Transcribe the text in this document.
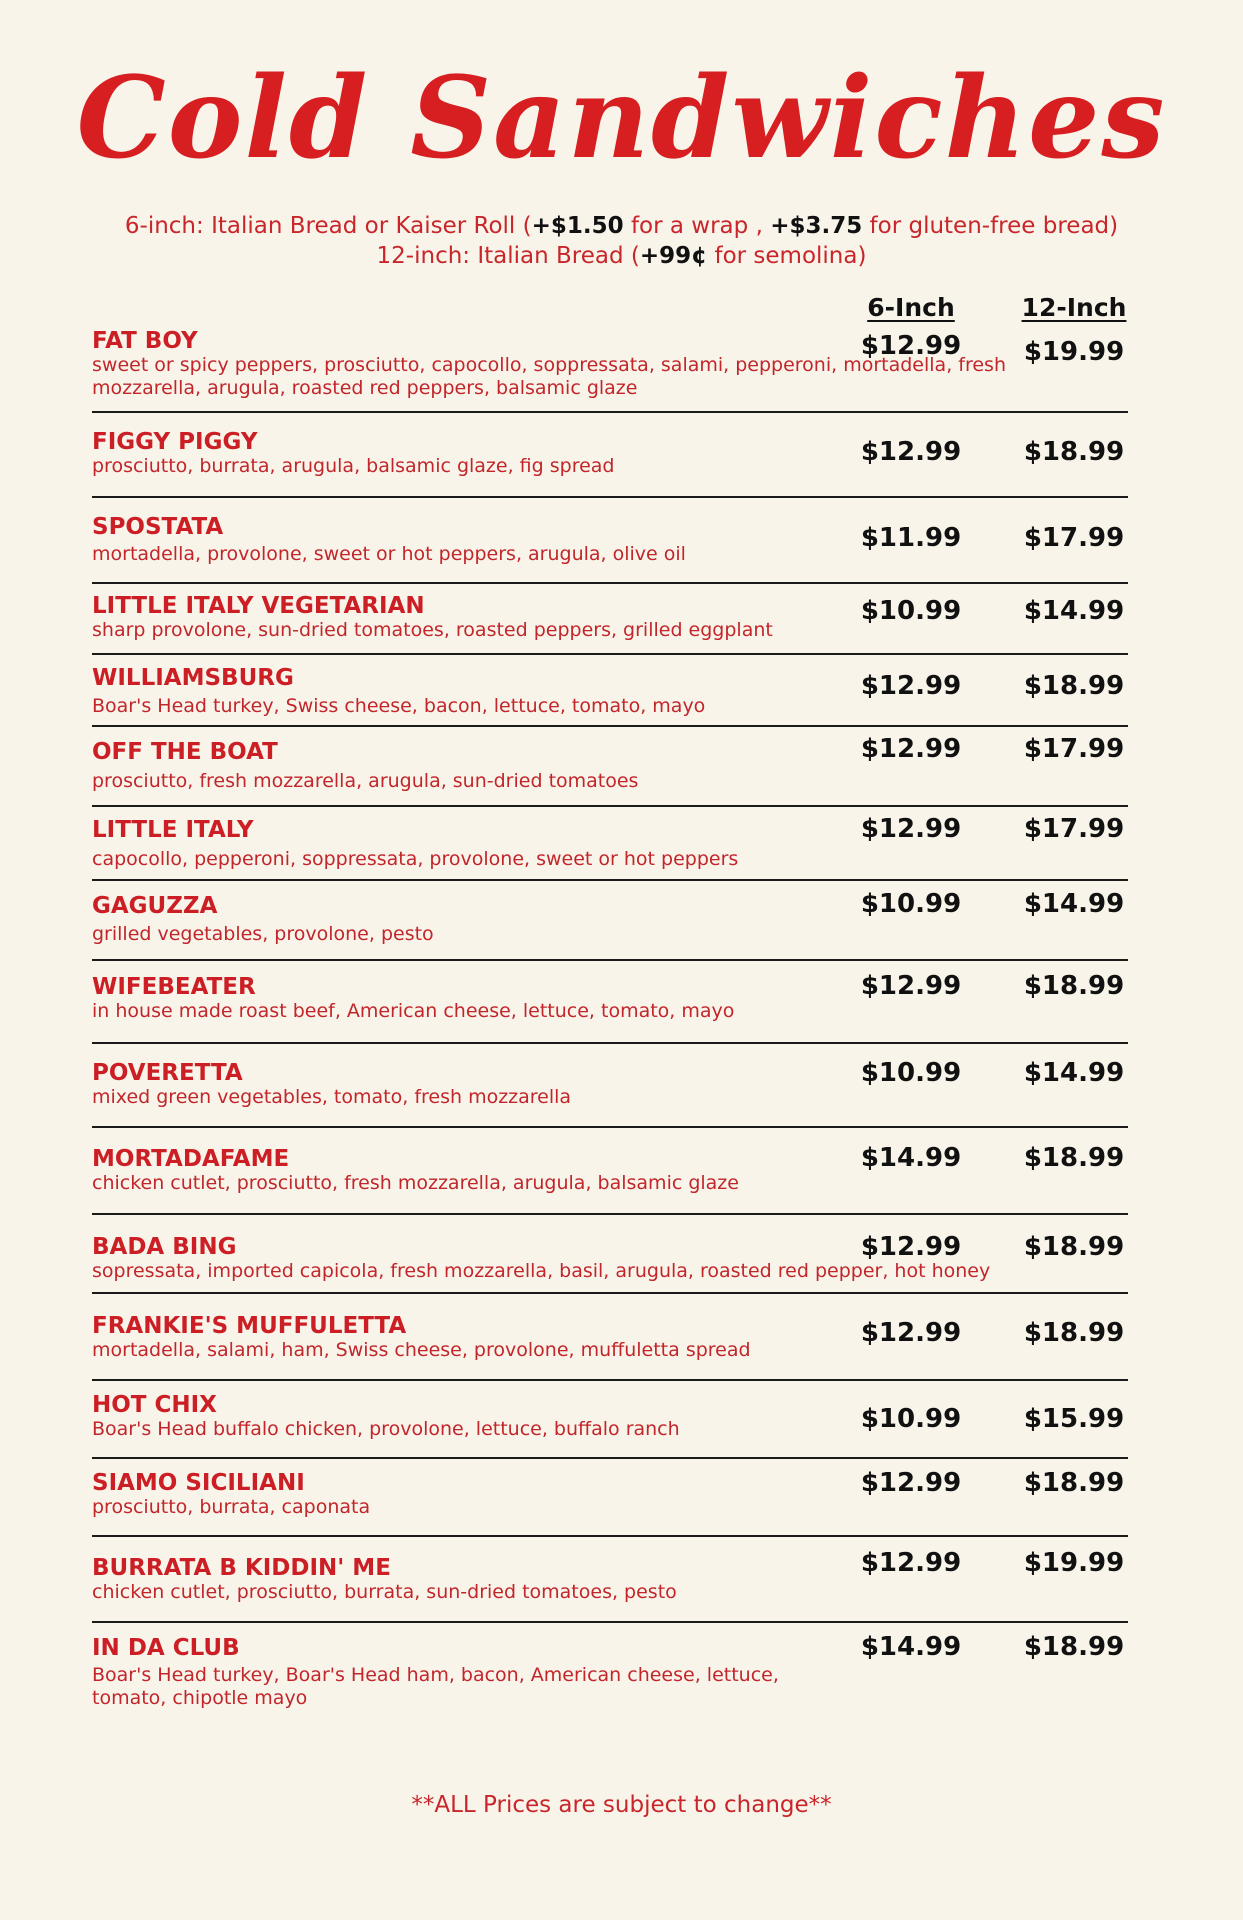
Cold Sandwiches
6-inch: Italian Bread or Kaiser Roll (+$1.50 for a wrap , +$3.75 for gluten-free bread)
12-inch: Italian Bread (+99¢ for semolina)
6-Inch	12-Inch
FAT BOY
sweet or spicy peppers, prosciutto, capocollo, soppressata, salami, pepperoni, mortadella, fresh mozzarella, arugula, roasted red peppers, balsamic glaze
$12.99	$19.99
FIGGY PIGGY
prosciutto, burrata, arugula, balsamic glaze, fig spread	$12.99	$18.99
SPOSTATA
mortadella, provolone, sweet or hot peppers, arugula, olive oil
$11.99	$17.99
LITTLE ITALY VEGETARIAN
sharp provolone, sun-dried tomatoes, roasted peppers, grilled eggplant
$10.99	$14.99
WILLIAMSBURG
Boar's Head turkey, Swiss cheese, bacon, lettuce, tomato, mayo
$12.99	$18.99
OFF THE BOAT
prosciutto, fresh mozzarella, arugula, sun-dried tomatoes
$12.99	$17.99
LITTLE ITALY
capocollo, pepperoni, soppressata, provolone, sweet or hot peppers
$12.99	$17.99
GAGUZZA
grilled vegetables, provolone, pesto
$10.99	$14.99
WIFEBEATER
in house made roast beef, American cheese, lettuce, tomato, mayo
$12.99	$18.99
POVERETTA
mixed green vegetables, tomato, fresh mozzarella
$10.99	$14.99
MORTADAFAME
chicken cutlet, prosciutto, fresh mozzarella, arugula, balsamic glaze
$14.99	$18.99
BADA BING
sopressata, imported capicola, fresh mozzarella, basil, arugula, roasted red pepper, hot honey
$12.99	$18.99
FRANKIE'S MUFFULETTA
mortadella, salami, ham, Swiss cheese, provolone, muffuletta spread
$12.99	$18.99
HOT CHIX
Boar's Head buffalo chicken, provolone, lettuce, buffalo ranch	$10.99	$15.99
SIAMO SICILIANI
prosciutto, burrata, caponata
$12.99	$18.99
BURRATA B KIDDIN' ME
chicken cutlet, prosciutto, burrata, sun-dried tomatoes, pesto
$12.99	$19.99
IN DA CLUB
Boar's Head turkey, Boar's Head ham, bacon, American cheese, lettuce, tomato, chipotle mayo
$14.99	$18.99
**ALL Prices are subject to change**
